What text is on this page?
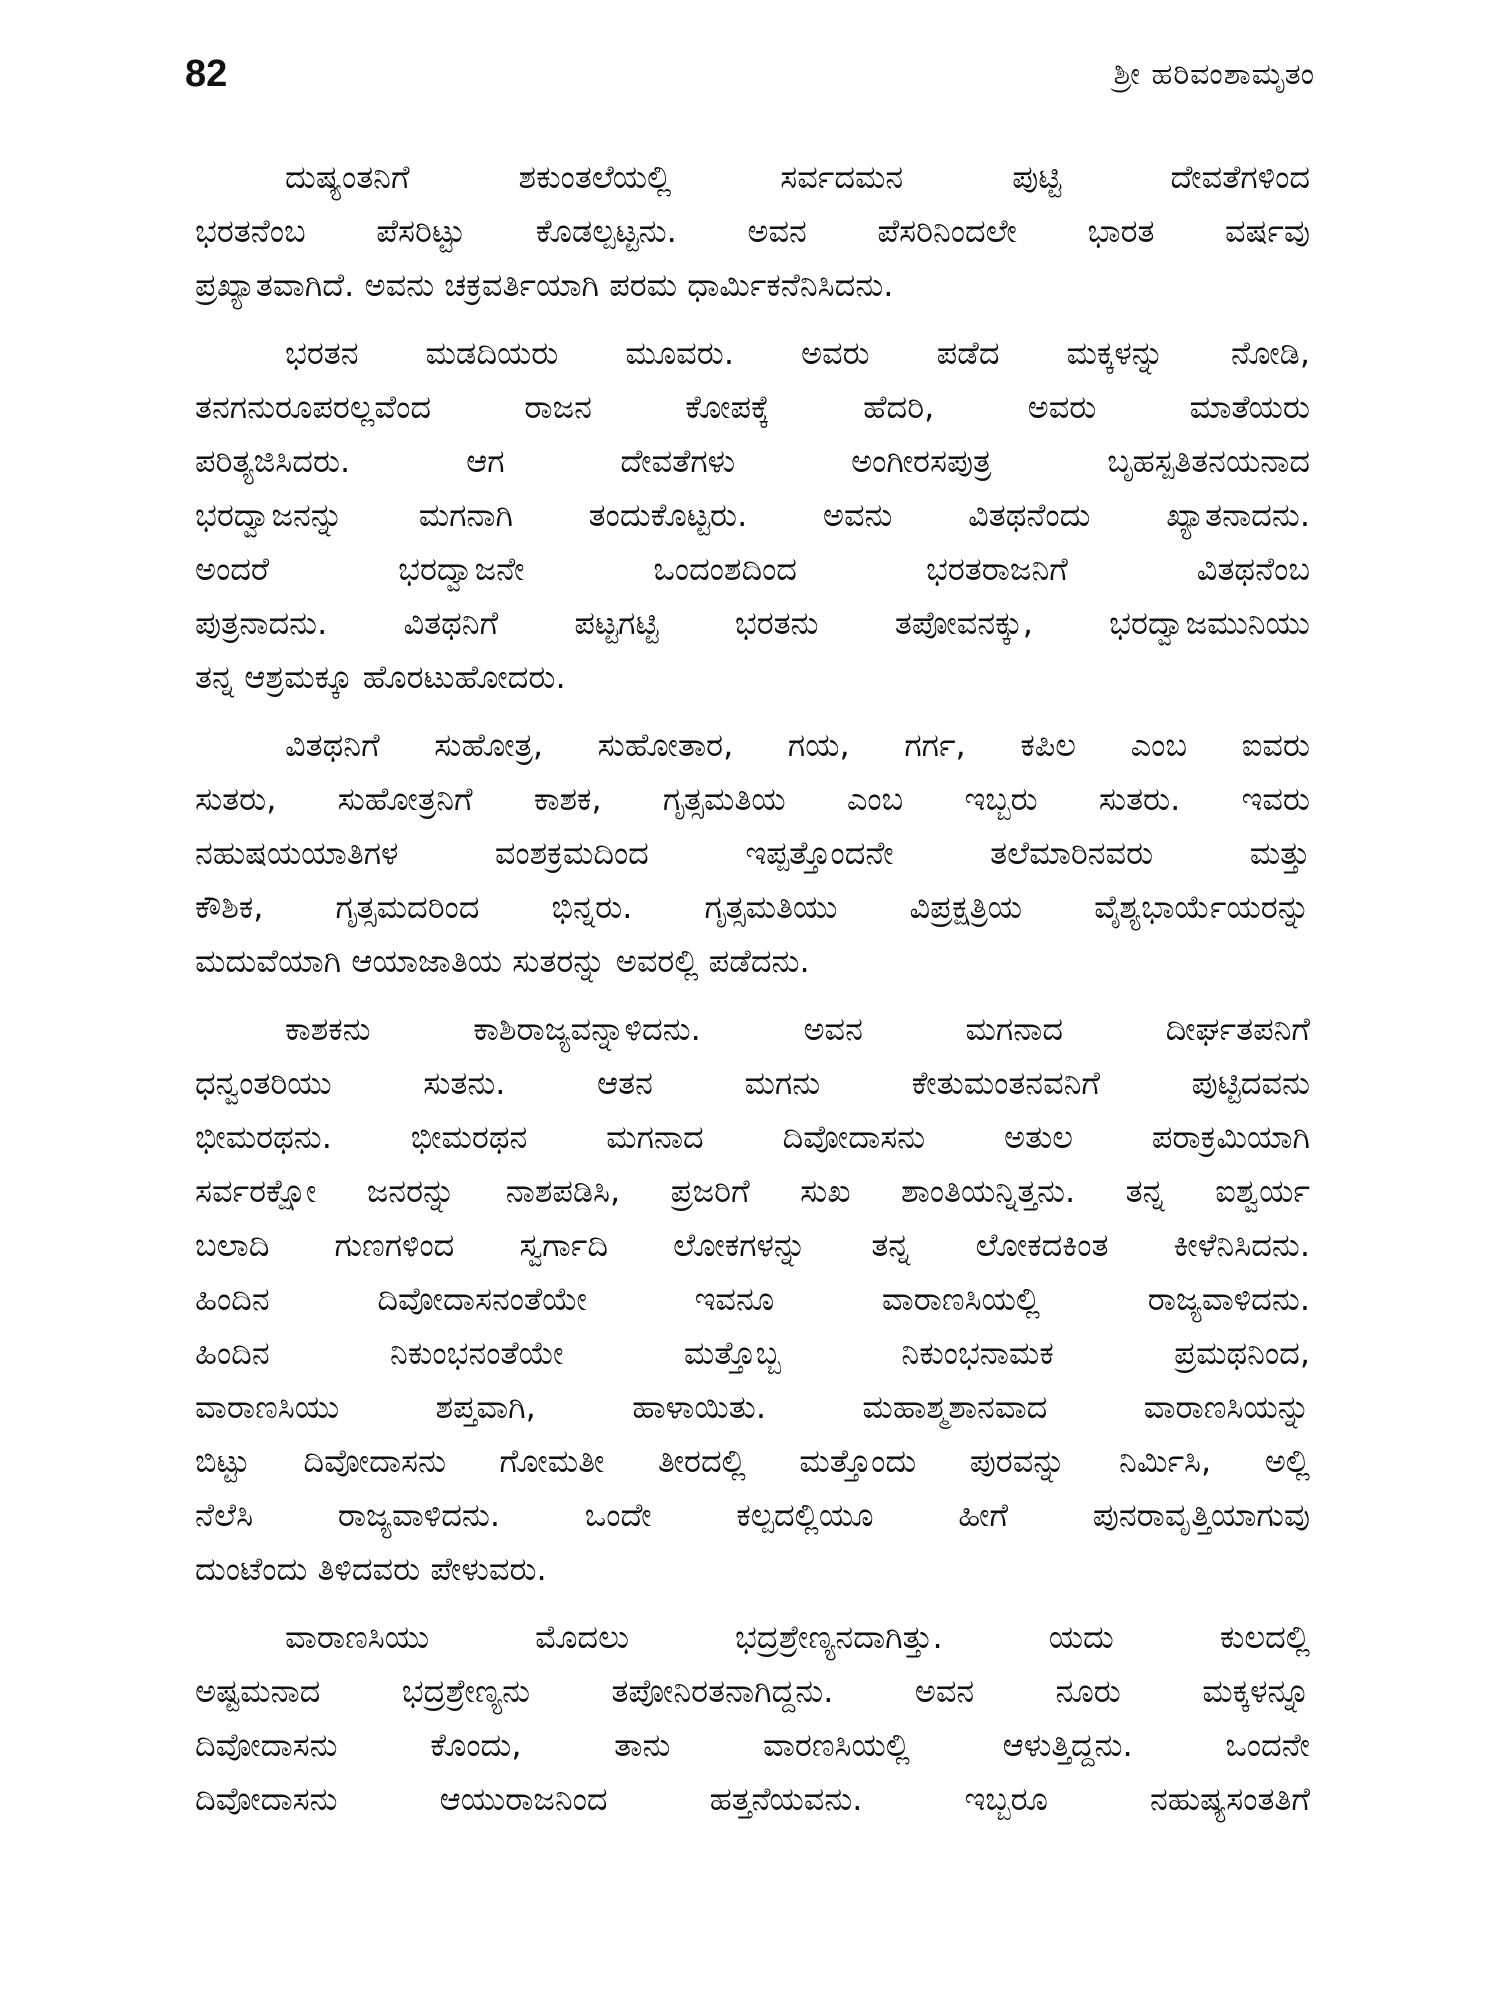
82	ಶ್ರೀ ಹರಿವಂಶಾಮೃತಂ
ದುಷ್ಯಂತನಿಗೆ ಶಕುಂತಲೆಯಲ್ಲಿ ಸರ್ವದಮನ ಪುಟ್ಟಿ ದೇವತೆಗಳಿಂದ
ಭರತನೆಂಬ ಪೆಸರಿಟ್ಟು ಕೊಡಲ್ಪಟ್ಟನು. ಅವನ ಪೆಸರಿನಿಂದಲೇ ಭಾರತ ವರ್ಷವು
ಪ್ರಖ್ಯಾತವಾಗಿದೆ. ಅವನು ಚಕ್ರವರ್ತಿಯಾಗಿ ಪರಮ ಧಾರ್ಮಿಕನೆನಿಸಿದನು.
ಭರತನ ಮಡದಿಯರು ಮೂವರು. ಅವರು ಪಡೆದ ಮಕ್ಕಳನ್ನು ನೋಡಿ,
ತನಗನುರೂಪರಲ್ಲವೆಂದ ರಾಜನ ಕೋಪಕ್ಕೆ ಹೆದರಿ, ಅವರು ಮಾತೆಯರು
ಪರಿತ್ಯಜಿಸಿದರು. ಆಗ ದೇವತೆಗಳು ಅಂಗೀರಸಪುತ್ರ ಬೃಹಸ್ಪತಿತನಯನಾದ
ಭರದ್ವಾಜನನ್ನು ಮಗನಾಗಿ ತಂದುಕೊಟ್ಟರು. ಅವನು ವಿತಥನೆಂದು ಖ್ಯಾತನಾದನು.
ಅಂದರೆ ಭರದ್ವಾಜನೇ ಒಂದಂಶದಿಂದ ಭರತರಾಜನಿಗೆ ವಿತಥನೆಂಬ
ಪುತ್ರನಾದನು. ವಿತಥನಿಗೆ ಪಟ್ಟಗಟ್ಟಿ ಭರತನು ತಪೋವನಕ್ಕು, ಭರದ್ವಾಜಮುನಿಯು
ತನ್ನ ಆಶ್ರಮಕ್ಕೂ ಹೊರಟುಹೋದರು.
ವಿತಥನಿಗೆ ಸುಹೋತ್ರ, ಸುಹೋತಾರ, ಗಯ, ಗರ್ಗ, ಕಪಿಲ ಎಂಬ ಐವರು
ಸುತರು, ಸುಹೋತ್ರನಿಗೆ ಕಾಶಕ, ಗೃತ್ಸಮತಿಯ ಎಂಬ ಇಬ್ಬರು ಸುತರು. ಇವರು
ನಹುಷಯಯಾತಿಗಳ ವಂಶಕ್ರಮದಿಂದ ಇಪ್ಪತ್ತೊಂದನೇ ತಲೆಮಾರಿನವರು ಮತ್ತು
ಕೌಶಿಕ, ಗೃತ್ಸಮದರಿಂದ ಭಿನ್ನರು. ಗೃತ್ಸಮತಿಯು ವಿಪ್ರಕ್ಷತ್ರಿಯ ವೈಶ್ಯಭಾರ್ಯೆಯರನ್ನು
ಮದುವೆಯಾಗಿ ಆಯಾಜಾತಿಯ ಸುತರನ್ನು ಅವರಲ್ಲಿ ಪಡೆದನು.
ಕಾಶಕನು ಕಾಶಿರಾಜ್ಯವನ್ನಾಳಿದನು. ಅವನ ಮಗನಾದ ದೀರ್ಘತಪನಿಗೆ
ಧನ್ವಂತರಿಯು ಸುತನು. ಆತನ ಮಗನು ಕೇತುಮಂತನವನಿಗೆ ಪುಟ್ಟಿದವನು
ಭೀಮರಥನು. ಭೀಮರಥನ ಮಗನಾದ ದಿವೋದಾಸನು ಅತುಲ ಪರಾಕ್ರಮಿಯಾಗಿ
ಸರ್ವರಕ್ಷೋ ಜನರನ್ನು ನಾಶಪಡಿಸಿ, ಪ್ರಜರಿಗೆ ಸುಖ ಶಾಂತಿಯನ್ನಿತ್ತನು. ತನ್ನ ಐಶ್ವರ್ಯ
ಬಲಾದಿ ಗುಣಗಳಿಂದ ಸ್ವರ್ಗಾದಿ ಲೋಕಗಳನ್ನು ತನ್ನ ಲೋಕದಕಿಂತ ಕೀಳೆನಿಸಿದನು.
ಹಿಂದಿನ ದಿವೋದಾಸನಂತೆಯೇ ಇವನೂ ವಾರಾಣಸಿಯಲ್ಲಿ ರಾಜ್ಯವಾಳಿದನು.
ಹಿಂದಿನ ನಿಕುಂಭನಂತೆಯೇ ಮತ್ತೊಬ್ಬ ನಿಕುಂಭನಾಮಕ ಪ್ರಮಥನಿಂದ,
ವಾರಾಣಸಿಯು ಶಪ್ತವಾಗಿ, ಹಾಳಾಯಿತು. ಮಹಾಶ್ಮಶಾನವಾದ ವಾರಾಣಸಿಯನ್ನು
ಬಿಟ್ಟು ದಿವೋದಾಸನು ಗೋಮತೀ ತೀರದಲ್ಲಿ ಮತ್ತೊಂದು ಪುರವನ್ನು ನಿರ್ಮಿಸಿ, ಅಲ್ಲಿ
ನೆಲೆಸಿ ರಾಜ್ಯವಾಳಿದನು. ಒಂದೇ ಕಲ್ಪದಲ್ಲಿಯೂ ಹೀಗೆ ಪುನರಾವೃತ್ತಿಯಾಗುವು
ದುಂಟೆಂದು ತಿಳಿದವರು ಪೇಳುವರು.
ವಾರಾಣಸಿಯು ಮೊದಲು ಭದ್ರಶ್ರೇಣ್ಯನದಾಗಿತ್ತು. ಯದು ಕುಲದಲ್ಲಿ
ಅಷ್ಟಮನಾದ ಭದ್ರಶ್ರೇಣ್ಯನು ತಪೋನಿರತನಾಗಿದ್ದನು. ಅವನ ನೂರು ಮಕ್ಕಳನ್ನೂ
ದಿವೋದಾಸನು ಕೊಂದು, ತಾನು ವಾರಣಸಿಯಲ್ಲಿ ಆಳುತ್ತಿದ್ದನು. ಒಂದನೇ
ದಿವೋದಾಸನು ಆಯುರಾಜನಿಂದ ಹತ್ತನೆಯವನು. ಇಬ್ಬರೂ ನಹುಷ್ಯಸಂತತಿಗೆ
